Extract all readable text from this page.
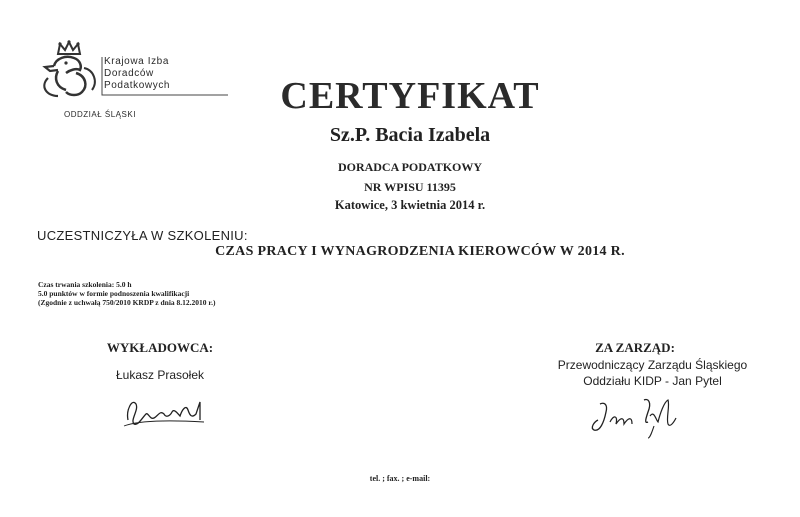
Krajowa Izba
Doradców
Podatkowych
ODDZIAŁ ŚLĄSKI	CERTYFIKAT
Sz.P. Bacia Izabela
DORADCA PODATKOWY
NR WPISU 11395
Katowice, 3 kwietnia 2014 r.
UCZESTNICZYŁA W SZKOLENIU:
CZAS PRACY I WYNAGRODZENIA KIEROWCÓW W 2014 R.
Czas trwania szkolenia: 5.0 h
5.0 punktów w formie podnoszenia kwalifikacji
(Zgodnie z uchwałą 750/2010 KRDP z dnia 8.12.2010 r.)
WYKŁADOWCA:
Łukasz Prasołek
ZA ZARZĄD:
Przewodniczący Zarządu Śląskiego
Oddziału KIDP - Jan Pytel
tel. ; fax. ; e-mail:
